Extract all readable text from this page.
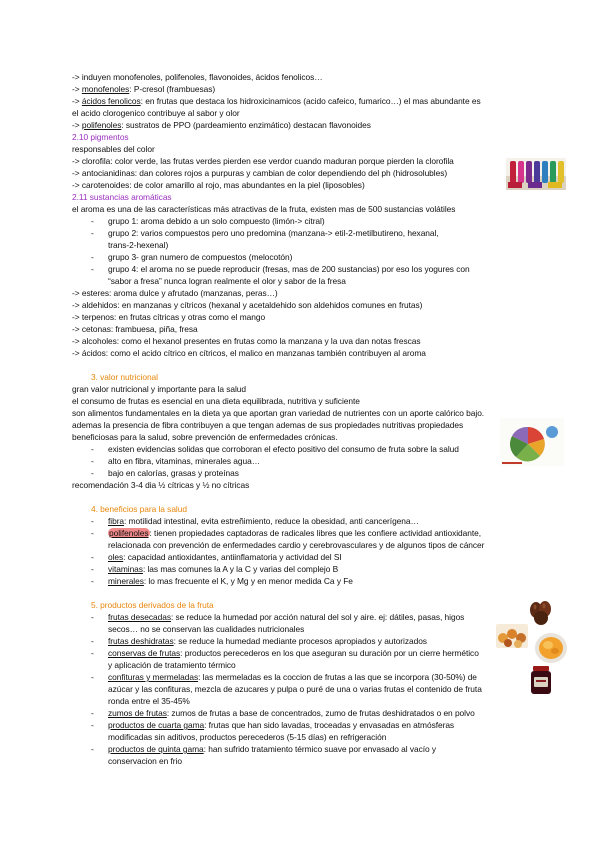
-> induyen monofenoles, polifenoles, flavonoides, ácidos fenolicos…
-> monofenoles: P-cresol (frambuesas)
-> ácidos fenolicos: en frutas que destaca los hidroxicinamicos (acido cafeico, fumarico…) el mas abundante es
el acido clorogenico contribuye al sabor y olor
-> polifenoles: sustratos de PPO (pardeamiento enzimático) destacan flavonoides
2.10 pigmentos
responsables del color
-> clorofila: color verde, las frutas verdes pierden ese verdor cuando maduran porque pierden la clorofila
-> antocianidinas: dan colores rojos a purpuras y cambian de color dependiendo del ph (hidrosolubles)
-> carotenoides: de color amarillo al rojo, mas abundantes en la piel (liposobles)
2.11 sustancias aromáticas
el aroma es una de las características más atractivas de la fruta, existen mas de 500 sustancias volátiles
- grupo 1: aroma debido a un solo compuesto (limón-> citral)
- grupo 2: varios compuestos pero uno predomina (manzana-> etil-2-metilbutireno, hexanal,
trans-2-hexenal)
- grupo 3- gran numero de compuestos (melocotón)
- grupo 4: el aroma no se puede reproducir (fresas, mas de 200 sustancias) por eso los yogures con
“sabor a fresa” nunca logran realmente el olor y sabor de la fresa
-> esteres: aroma dulce y afrutado (manzanas, peras…)
-> aldehidos: en manzanas y cítricos (hexanal y acetaldehido son aldehidos comunes en frutas)
-> terpenos: en frutas cítricas y otras como el mango
-> cetonas: frambuesa, piña, fresa
-> alcoholes: como el hexanol presentes en frutas como la manzana y la uva dan notas frescas
-> ácidos: como el acido cítrico en cítricos, el malico en manzanas también contribuyen al aroma
3. valor nutricional
gran valor nutricional y importante para la salud
el consumo de frutas es esencial en una dieta equilibrada, nutritiva y suficiente
son alimentos fundamentales en la dieta ya que aportan gran variedad de nutrientes con un aporte calórico bajo.
ademas la presencia de fibra contribuyen a que tengan ademas de sus propiedades nutritivas propiedades
beneficiosas para la salud, sobre prevención de enfermedades crónicas.
- existen evidencias solidas que corroboran el efecto positivo del consumo de fruta sobre la salud
- alto en fibra, vitaminas, minerales agua…
- bajo en calorías, grasas y proteínas
recomendación 3-4 dia ½ cítricas y ½ no cítricas
4. beneficios para la salud
- fibra: motilidad intestinal, evita estreñimiento, reduce la obesidad, anti cancerígena…
- polifenoles: tienen propiedades captadoras de radicales libres que les confiere actividad antioxidante,
relacionada con prevención de enfermedades cardio y cerebrovasculares y de algunos tipos de cáncer
- oles: capacidad antioxidantes, antiinflamatoria y actividad del SI
- vitaminas: las mas comunes la A y la C y varias del complejo B
- minerales: lo mas frecuente el K, y Mg y en menor medida Ca y Fe
5. productos derivados de la fruta
- frutas desecadas: se reduce la humedad por acción natural del sol y aire. ej: dátiles, pasas, higos
secos… no se conservan las cualidades nutricionales
- frutas deshidratas: se reduce la humedad mediante procesos apropiados y autorizados
- conservas de frutas: productos perecederos en los que aseguran su duración por un cierre hermético
y aplicación de tratamiento térmico
- confituras y mermeladas: las mermeladas es la coccion de frutas a las que se incorpora (30-50%) de
azúcar y las confituras, mezcla de azucares y pulpa o puré de una o varias frutas el contenido de fruta
ronda entre el 35-45%
- zumos de frutas: zumos de frutas a base de concentrados, zumo de frutas deshidratados o en polvo
- productos de cuarta gama: frutas que han sido lavadas, troceadas y envasadas en atmósferas
modificadas sin aditivos, productos perecederos (5-15 días) en refrigeración
- productos de quinta gama: han sufrido tratamiento térmico suave por envasado al vacío y
conservacion en frio
